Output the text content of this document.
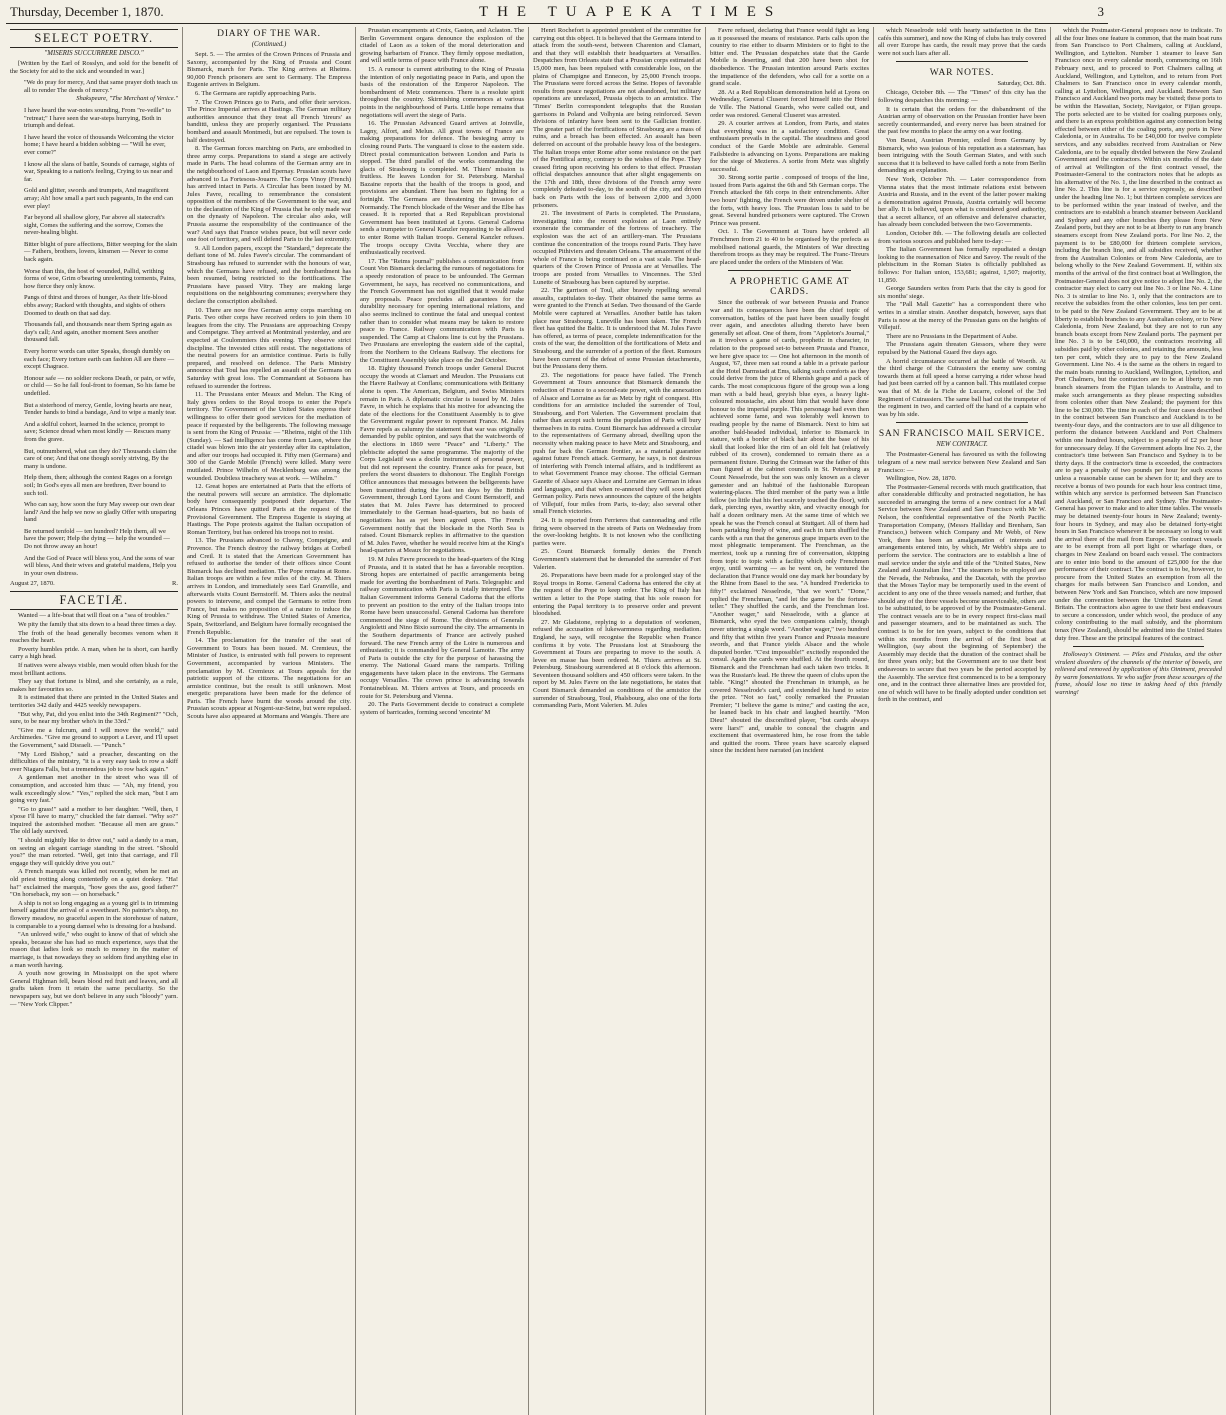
Thursday, December 1, 1870.	THE TUAPEKA TIMES	3
SELECT POETRY.
"MISERIS SUCCURRERE DISCO."

[Written by the Earl of Rosslyn, and sold for the benefit of the Society for aid to the sick and wounded in war.]

"We do pray for mercy, And that same prayer doth teach us all to render The deeds of mercy."

Shakspeare, "The Merchant of Venice."

I have heard the war-notes sounding, From "re-veille" to "retreat;" I have seen the war-steps hurrying, Both in triumph and defeat.

I have heard the voice of thousands Welcoming the victor home; I have heard a bidden sobbing — "Will he ever, ever come?"

I know all the slans of battle, Sounds of carnage, sights of war, Speaking to a nation's feeling, Crying to us near and far.

Gold and glitter, swords and trumpets, And magnificent array; Ah! how small a part such pageants, In the end can ever play!

Far beyond all shallow glory, Far above all statecraft's sight, Comes the suffering and the sorrow, Comes the never-healing blight.

Bitter blight of pure affections, Bitter weeping for the slain — Fathers, brothers, lovers, kinsmen — Never to come back again.

Worse than this, the host of wounded, Pallid, writhing forms of woe, Grim o'bearing unrelenting torments, Pains, how fierce they only know.

Pangs of thirst and throes of hunger, As their life-blood ebbs away; Racked with thoughts, and sights of others Doomed to death on that sad day.

Thousands fall, and thousands near them Spring again as day's call; And again, another moment Sees another thousand fall.

Every horror words can utter Speaks, though dumbly on each face; Every torture earth can fashion All are there — except Chagrace.

Honour safe — no soldier reckons Death, or pain, or wife, or child — So he fall foul-front to foeman, So his fame be undefiled.

But a sisterhood of mercy, Gentle, loving hearts are near, Tender hands to bind a bandage, And to wipe a manly tear.

And a skilful cohort, learned In the science, prompt to save; Science dread when most kindly — Rescues many from the grave.

But, outnumbered, what can they do? Thousands claim the care of one; And that one though sorely striving, By the many is undone.

Help them, then; although the contest Rages on a foreign soil; In God's eyes all men are brethren, Ever bound to such toil.

Who can say, how soon the fury May sweep our own dear land? And the help we now so gladly Offer with unsparing hand

Be returned tenfold — ten hundred? Help them, all we have the power; Help the dying — help the wounded — Do not throw away an hour!

And the God of Peace will bless you, And the sons of war will bless, And their wives and grateful maidens, Help you in your own distress.

August 27, 1870.	R.
FACETIÆ.

Wanted — a life-boat that will float on a "sea of troubles."

We pity the family that sits down to a head three times a day.

The froth of the head generally becomes venom when it reaches the heart.

Poverty humbles pride. A man, when he is short, can hardly carry a high head.

If natives were always visible, men would often blush for the most brilliant actions.

They say that fortune is blind, and she certainly, as a rule, makes her favourites so.

It is estimated that there are printed in the United States and territories 342 daily and 4425 weekly newspapers.

"But why, Pat, did you enlist into the 34th Regiment?" "Och, sure, to be near my brother who's in the 33rd."

"Give me a fulcrum, and I will move the world," said Archimedes. "Give me ground to support a Lever, and I'll upset the Government," said Disraeli. — "Punch."

"My Lord Bishop," said a preacher, descanting on the difficulties of the ministry, "it is a very easy task to row a skiff over Niagara Falls, but a tremendous job to row back again."

A gentleman met another in the street who was ill of consumption, and accosted him thus: — "Ah, my friend, you walk exceedingly slow." "Yes," replied the sick man, "but I am going very fast."

"Go to grass!" said a mother to her daughter. "Well, then, I s'pose I'll have to marry," chuckled the fair damsel. "Why so?" inquired the astonished mother. "Because all men are grass." The old lady survived.

"I should mightily like to drive out," said a dandy to a man, on seeing an elegant carriage standing in the street. "Should you?" the man retorted. "Well, get into that carriage, and I'll engage they will quickly drive you out."

A French marquis was killed not recently, when he met an old priest trotting along contentedly on a quiet donkey. "Ha! ha!" exclaimed the marquis, "how goes the ass, good father?" "On horseback, my son — on horseback."

A ship is not so long engaging as a young girl is in trimming herself against the arrival of a sweetheart. No painter's shop, no flowery meadow, no graceful aspen in the storehouse of nature, is comparable to a young damsel who is dressing for a husband.

"An unloved wife," who ought to know of that of which she speaks, because she has had so much experience, says that the reason that ladies look so much to money in the matter of marriage, is that nowadays they so seldom find anything else in a man worth having.

A youth now growing in Mississippi on the spot where General Highman fell, bears blood red fruit and leaves, and all grafts taken from it retain the same peculiarity. So the newspapers say, but we don't believe in any such "bloody" yarn. — "New York Clipper."

DIARY OF THE WAR.
(Continued.)

Sept. 5. — The armies of the Crown Princes of Prussia and Saxony, accompanied by the King of Prussia and Count Bismarck, march for Paris. The King arrives at Rheims. 90,000 French prisoners are sent to Germany. The Empress Eugenie arrives in Belgium.

6. The Germans are rapidly approaching Paris.

7. The Crown Princes go to Paris, and offer their services. The Prince Imperial arrives at Hastings. The German military authorities announce that they treat all French 'tireurs' as banditti, unless they are properly organised. The Prussians bombard and assault Montmedi, but are repulsed. The town is half destroyed.

8. The German forces marching on Paris, are embodied in three army corps. Preparations to stand a siege are actively made in Paris. The head columns of the German army are in the neighbourhood of Laon and Epernay. Prussian scouts have advanced to La Fortesous-Jouarre. The Corps Vinoy (French) has arrived intact in Paris. A Circular has been issued by M. Jules Favre, recalling to remembrance the consistent opposition of the members of the Government to the war, and to the declaration of the King of Prussia that he only made war on the dynasty of Napoleon. The circular also asks, will Prussia assume the responsibility of the continuance of the war? And says that France wishes peace, but will never cede one foot of territory, and will defend Paris to the last extremity.

9. All London papers, except the "Standard," deprecate the defiant tone of M. Jules Favre's circular. The commandant of Strasbourg has refused to surrender with the honours of war, which the Germans have refused, and the bombardment has been resumed, being restricted to the fortifications. The Prussians have passed Vitry. They are making large requisitions on the neighbouring communes; everywhere they declare the conscription abolished.

10. There are now five German army corps marching on Paris. Two other corps have received orders to join them 10 leagues from the city. The Prussians are approaching Crespy and Compeigne. They arrived at Montmirail yesterday, and are expected at Coulommiers this evening. They observe strict discipline. The invested cities still resist. The negotiations of the neutral powers for an armistice continue. Paris is fully prepared, and resolved on defence. The Paris Ministry announce that Toul has repelled an assault of the Germans on Saturday with great loss. The Commandant at Soissons has refused to surrender the fortress.

11. The Prussians enter Meaux and Melun. The King of Italy gives orders to the Royal troops to enter the Pope's territory. The Government of the United States express their willingness to offer their good services for the mediation of peace if requested by the belligerents. The following message is sent from the King of Prussia: — "Rheims, night of the 11th (Sunday). — Sad intelligence has come from Laon, where the citadel was blown into the air yesterday after its capitulation, and after our troops had occupied it. Fifty men (Germans) and 300 of the Garde Mobile (French) were killed. Many were mutilated. Prince Wilhelm of Mecklenburg was among the wounded. Doubtless treachery was at work. — Wilhelm."

12. Great hopes are entertained at Paris that the efforts of the neutral powers will secure an armistice. The diplomatic body have consequently postponed their departure. The Orleans Princes have quitted Paris at the request of the Provisional Government. The Empress Eugenie is staying at Hastings. The Pope protests against the Italian occupation of Roman Territory, but has ordered his troops not to resist.

13. The Prussians advanced to Chavny, Compeigne, and Provence. The French destroy the railway bridges at Corbeil and Creil. It is stated that the American Government has refused to authorise the tender of their offices since Count Bismarck has declined mediation. The Pope remains at Rome. Italian troops are within a few miles of the city. M. Thiers arrives in London, and immediately sees Earl Granville, and afterwards visits Count Bernstorff. M. Thiers asks the neutral powers to intervene, and compel the Germans to retire from France, but makes no proposition of a nature to induce the King of Prussia to withdraw. The United States of America, Spain, Switzerland, and Belgium have formally recognised the French Republic.

14. The proclamation for the transfer of the seat of Government to Tours has been issued. M. Cremieux, the Minister of Justice, is entrusted with full powers to represent Government, accompanied by various Ministers. The proclamation by M. Cremieux at Tours appeals for the patriotic support of the citizens. The negotiations for an armistice continue, but the result is still unknown. Most energetic preparations have been made for the defence of Paris. The French have burnt the woods around the city. Prussian scouts appear at Nogent-sur-Seine, but were repulsed. Scouts have also appeared at Mormans and Wangés. There are

Prussian encampments at Croix, Gaston, and Aclaston. The Berlin Government organs denounce the explosion of the citadel of Laon as a token of the moral deterioration and growing barbarism of France. They firmly oppose mediation, and will settle terms of peace with France alone.

15. A rumour is current attributing to the King of Prussia the intention of only negotiating peace in Paris, and upon the basis of the restoration of the Emperor Napoleon. The bombardment of Metz commences. There is a resolute spirit throughout the country. Skirmishing commences at various points in the neighbourhood of Paris. Little hope remains that negotiations will avert the siege of Paris.

16. The Prussian Advanced Guard arrives at Joinville, Lagny, Alfort, and Melun. All great towns of France are making preparations for defence. The besieging army is closing round Paris. The vanguard is close to the eastern side. Direct postal communication between London and Paris is stopped. The third parallel of the works commanding the glacis of Strasbourg is completed. M. Thiers' mission is fruitless. He leaves London for St. Petersburg. Marshal Bazaine reports that the health of the troops is good, and provisions are abundant. There has been no fighting for a fortnight. The Germans are threatening the invasion of Normandy. The French blockade of the Weser and the Elbe has ceased. It is reported that a Red Republican provisional Government has been instituted at Lyons. General Cadorna sends a trumpeter to General Kanzler requesting to be allowed to enter Rome with Italian troops. General Kanzler refuses. The troops occupy Civita Vecchia, where they are enthusiastically received.

17. The "Reims journal" publishes a communication from Count Von Bismarck declaring the rumours of negotiations for a speedy restoration of peace to be unfounded. The German Government, he says, has received no communications, and the French Government has not signified that it would make any proposals. Peace precludes all guarantees for the durability necessary for opening international relations, and also seems inclined to continue the fatal and unequal contest rather than to consider what means may be taken to restore peace to France. Railway communication with Paris is suspended. The Camp at Chalons line is cut by the Prussians. Two Prussians are enveloping the eastern side of the capital, from the Northern to the Orleans Railway. The elections for the Constituent Assembly take place on the 2nd October.

18. Eighty thousand French troops under General Ducrot occupy the woods at Clamart and Meudon. The Prussians cut the Havre Railway at Conflans; communications with Brittany alone is open. The American, Belgium, and Swiss Ministers remain in Paris. A diplomatic circular is issued by M. Jules Favre, in which he explains that his motive for advancing the date of the elections for the Constituent Assembly is to give the Government regular power to represent France. M. Jules Favre repels as calumny the statement that war was originally demanded by public opinion, and says that the watchwords of the elections in 1869 were "Peace" and "Liberty." The plebiscite adopted the same programme. The majority of the Corps Legislatif was a docile instrument of personal power, but did not represent the country. France asks for peace, but prefers the worst disasters to dishonour. The English Foreign Office announces that messages between the belligerents have been transmitted during the last ten days by the British Government, through Lord Lyons and Count Bernstorff, and states that M. Jules Favre has determined to proceed immediately to the German head-quarters, but no basis of negotiations has as yet been agreed upon. The French Government notify that the blockade in the North Sea is raised. Count Bismarck replies in affirmative to the question of M. Jules Favre, whether he would receive him at the King's head-quarters at Meaux for negotiations.

19. M Jules Favre proceeds to the head-quarters of the King of Prussia, and it is stated that he has a favorable reception. Strong hopes are entertained of pacific arrangements being made for averting the bombardment of Paris. Telegraphic and railway communication with Paris is totally interrupted. The Italian Government informs General Cadorna that the efforts to prevent an position to the entry of the Italian troops into Rome have been unsuccessful. General Cadorna has therefore commenced the siege of Rome. The divisions of Generals Angioletti and Nino Bixio surround the city. The armaments in the Southern departments of France are actively pushed forward. The new French army of the Loire is numerous and enthusiastic; it is commanded by General Lamotte. The army of Paris is outside the city for the purpose of harassing the enemy. The National Guard mans the ramparts. Trifling engagements have taken place in the environs. The Germans occupy Versailles. The crown prince is advancing towards Fontainebleau. M. Thiers arrives at Tours, and proceeds en route for St. Petersburg and Vienna.

20. The Paris Government decide to construct a complete system of barricades, forming second 'enceinte' M

Henri Rochefort is appointed president of the committee for carrying out this object. It is believed that the Germans intend to attack from the south-west, between Charenton and Clamart, and that they will establish their headquarters at Versailles. Despatches from Orleans state that a Prussian corps estimated at 15,000 men, has been repulsed with considerable loss, on the plains of Champigne and Ennecon, by 25,000 French troops. The Prussians were forced across the Seine. Hopes of favorable results from peace negotiations are not abandoned, but military operations are unrelaxed, Prussia objects to an armistice. The 'Times' Berlin correspondent telegraphs that the Russian garrisons in Poland and Volhynia are being reinforced. Seven divisions of infantry have been sent to the Gallician frontier. The greater part of the fortifications of Strasbourg are a mass of ruins, and a breach has been effected. An assault has been deferred on account of the probable heavy loss of the besiegers. The Italian troops enter Rome after some resistance on the part of the Pontifical army, contrary to the wishes of the Pope. They ceased firing upon receiving his orders to that effect. Prussian official despatches announce that after slight engagements on the 17th and 18th, three divisions of the French army were completely defeated to-day, to the south of the city, and driven back on Paris with the loss of between 2,000 and 3,000 prisoners.

21. The investment of Paris is completed. The Prussians, investigating into the recent explosion at Laon entirely exonerate the commander of the fortress of treachery. The explosion was the act of an artillery-man. The Prussians continue the concentration of the troops round Paris. They have occupied Pithiviers and threaten Orleans. The amazement of the whole of France is being continued on a vast scale. The head-quarters of the Crown Prince of Prussia are at Versailles. The troops are posted from Versailles to Vincennes. The 53rd Lunette of Strasbourg has been captured by surprise.

22. The garrison of Toul, after bravely repelling several assaults, capitulates to-day. Their obtained the same terms as were granted to the French at Sedan. Two thousand of the Garde Mobile were captured at Versailles. Another battle has taken place near Strasbourg. Luneville has been taken. The French fleet has quitted the Baltic. It is understood that M. Jules Favre has offered, as terms of peace, complete indemnification for the costs of the war, the demolition of the fortifications of Metz and Strasbourg, and the surrender of a portion of the fleet. Rumours have been current of the defeat of some Prussian detachments, but the Prussians deny them.

23. The negotiations for peace have failed. The French Government at Tours announce that Bismarck demands the reduction of France to a second-rate power, with the annexation of Alsace and Lorraine as far as Metz by right of conquest. His conditions for an armistice included the surrender of Toul, Strasbourg, and Fort Valerien. The Government proclaim that rather than accept such terms the population of Paris will bury themselves in its ruins. Count Bismarck has addressed a circular to the representatives of Germany abroad, dwelling upon the necessity when making peace to have Metz and Strasbourg, and push far back the German frontier, as a material guarantee against future French attack. Germany, he says, is not desirous of interfering with French internal affairs, and is indifferent as to what Government France may choose. The official German Gazette of Alsace says Alsace and Lorraine are German in ideas and languages, and that when re-annexed they will soon adopt German policy. Paris news announces the capture of the heights of Villejuif, four miles from Paris, to-day; also several other small French victories.

24. It is reported from Ferrieres that cannonading and rifle firing were observed in the streets of Paris on Wednesday from the over-looking heights. It is not known who the conflicting parties were.

25. Count Bismarck formally denies the French Government's statement that he demanded the surrender of Fort Valerien.

26. Preparations have been made for a prolonged stay of the Royal troops in Rome. General Cadorna has entered the city at the request of the Pope to keep order. The King of Italy has written a letter to the Pope stating that his sole reason for entering the Papal territory is to preserve order and prevent bloodshed.

27. Mr Gladstone, replying to a deputation of workmen, refused the accusation of lukewarmness regarding mediation. England, he says, will recognise the Republic when France confirms it by vote. The Prussians lost at Strasbourg the Government at Tours are preparing to move to the south. A levee en masse has been ordered. M. Thiers arrives at St. Petersburg. Strasbourg surrendered at 8 o'clock this afternoon. Seventeen thousand soldiers and 450 officers were taken. In the report by M. Jules Favre on the late negotiations, he states that Count Bismarck demanded as conditions of the armistice the surrender of Strasbourg, Toul, Phalsbourg, also one of the forts commanding Paris, Mont Valerien. M. Jules

Favre refused, declaring that France would fight as long as it possessed the means of resistance. Paris calls upon the country to rise either to disarm Ministers or to fight to the bitter end. The Prussian despatches state that the Garde Mobile is deserting, and that 200 have been shot for disobedience. The Prussian intention around Paris excites the impatience of the defenders, who call for a sortie on a grand scale.

28. At a Red Republican demonstration held at Lyons on Wednesday, General Cluseret forced himself into the Hotel de Ville. The National Guards, who were called out, and order was restored. General Cluseret was arrested.

29. A courier arrives at London, from Paris, and states that everything was in a satisfactory condition. Great enthusiasm prevails in the capital. The steadiness and good conduct of the Garde Mobile are admirable. General Failsbiedre is advancing on Lyons. Preparations are making for the siege of Mezieres. A sortie from Metz was slightly successful.

30. Strong sortie partie . composed of troops of the line, issued from Paris against the 6th and 5th German corps. The French attacked the 6th corps in their entrenchments. After two hours' fighting, the French were driven under shelter of the forts, with heavy loss. The Prussian loss is said to be great. Several hundred prisoners were captured. The Crown Prince was present.

Oct. 1. The Government at Tours have ordered all Frenchmen from 21 to 40 to be organised by the prefects as mobilised national guards, the Ministers of War directing therefrom troops as they may be required. The Franc-Tireurs are placed under the orders of the Ministers of War.

A PROPHETIC GAME AT CARDS.

Since the outbreak of war between Prussia and France war and its consequences have been the chief topic of conversation, battles of the past have been usually fought over again, and anecdotes alluding thereto have been generally set afloat. One of them, from "Appleton's Journal," as it involves a game of cards, prophetic in character, in relation to the proposed set-to between Prussia and France, we here give space to: — One hot afternoon in the month of August, '67, three men sat round a table in a private parlour at the Hotel Darmstadt at Ems, talking such comforts as they could derive from the juice of Rhenish grape and a pack of cards. The most conspicuous figure of the group was a long man with a bald head, greyish blue eyes, a heavy light-coloured moustache, airs about him that would have done honour to the imperial purple. This personage had even then achieved some fame, and was tolerably well known to reading people by the name of Bismarck. Next to him sat another bald-headed individual, inferior to Bismarck in stature, with a border of black hair about the base of his skull that looked like the rim of an old felt hat (relatively rubbed of its crown), condemned to remain there as a permanent fixture. During the Crimean war the father of this man figured at the cabinet councils in St. Petersburg as Count Nesselrode, but the son was only known as a clever gamester and an habitué of the fashionable European watering-places. The third member of the party was a little fellow (so little that his feet scarcely touched the floor), with dark, piercing eyes, swarthy skin, and vivacity enough for half a dozen ordinary men. At the same time of which we speak he was the French consul at Stuttgart. All of them had been partaking freely of wine, and each in turn shuffled the cards with a run that the generous grape imparts even to the most phlegmatic temperament. The Frenchman, as the merriest, took up a running fire of conversation, skipping from topic to topic with a facility which only Frenchmen enjoy, until warming — as he went on, he ventured the declaration that France would one day mark her boundary by the Rhine from Basel to the sea. "A hundred Fredericks to fifty!" exclaimed Nesselrode, "that we won't." "Done," replied the Frenchman, "and let the game be the fortune-teller." They shuffled the cards, and the Frenchman lost. "Another wager," said Nesselrode, with a glance at Bismarck, who eyed the two companions calmly, though never uttering a single word. "Another wager," two hundred and fifty that within five years France and Prussia measure swords, and that France yields Alsace and the whole disputed border. "C'est impossible!" excitedly responded the consul. Again the cards were shuffled. At the fourth round, Bismarck and the Frenchman had each taken two tricks. It was the Russian's lead. He threw the queen of clubs upon the table. "King!" shouted the Frenchman in triumph, as he covered Nesselrode's card, and extended his hand to seize the prize. "Not so fast," coolly remarked the Prussian Premier; "I believe the game is mine;" and casting the ace, he leaned back in his chair and laughed heartily. "Mon Dieu!" shouted the discomfited player, "but cards always were liars!" and, unable to conceal the chagrin and excitement that overmastered him, he rose from the table and quitted the room. Three years have scarcely elapsed since the incident here narrated (an incident

which Nesselrode told with hearty satisfaction in the Ems cafés this summer), and now the King of clubs has truly covered all over Europe has cards, the result may prove that the cards were not such liars after all.

WAR NOTES.
Saturday, Oct. 8th.

Chicago, October 8th. — The "Times" of this city has the following despatches this morning: —

It is certain that the orders for the disbandment of the Austrian army of observation on the Prussian frontier have been secretly countermanded, and every nerve has been strained for the past few months to place the army on a war footing.

Von Beust, Austrian Premier, exiled from Germany by Bismarck, who was jealous of his reputation as a statesman, has been intriguing with the South German States, and with such success that it is believed to have called forth a note from Berlin demanding an explanation.

New York, October 7th. — Later correspondence from Vienna states that the most intimate relations exist between Austria and Russia, and in the event of the latter power making a demonstration against Prussia, Austria certainly will become her ally. It is believed, upon what is considered good authority, that a secret alliance, of an offensive and defensive character, has already been concluded between the two Governments.

London, October 8th. — The following details are collected from various sources and published here to-day: —

The Italian Government has formally repudiated a design looking to the reannexation of Nice and Savoy. The result of the plebiscitum in the Roman States is officially published as follows: For Italian union, 153,681; against, 1,507; majority, 11,850.

George Saunders writes from Paris that the city is good for six months' siege.

The "Pall Mall Gazette" has a correspondent there who writes in a similar strain. Another despatch, however, says that Paris is now at the mercy of the Prussian guns on the heights of Villejuif.

There are no Prussians in the Department of Aube.

The Prussians again threaten Giessors, where they were repulsed by the National Guard five days ago.

A horrid circumstance occurred at the battle of Woerth. At the third charge of the Cuirassiers the enemy saw coming towards them at full speed a horse carrying a rider whose head had just been carried off by a cannon ball. This mutilated corpse was that of M. de la Fiche de Lucarre, colonel of the 3rd Regiment of Cuirassiers. The same ball had cut the trumpeter of the regiment in two, and carried off the hand of a captain who was by his side.

SAN FRANCISCO MAIL SERVICE.
NEW CONTRACT.

The Postmaster-General has favoured us with the following telegram of a new mail service between New Zealand and San Francisco: —

Wellington, Nov. 28, 1870.

The Postmaster-General records with much gratification, that after considerable difficulty and protracted negotiation, he has succeeded in arranging the terms of a new contract for a Mail Service between New Zealand and San Francisco with Mr W. Nelson, the confidential representative of the North Pacific Transportation Company, (Messrs Halliday and Brenham, San Francisco,) between which Company and Mr Webb, of New York, there has been an amalgamation of interests and arrangements entered into, by which, Mr Webb's ships are to perform the service. The contractors are to establish a line of mail service under the style and title of the "United States, New Zealand and Australian line." The steamers to be employed are the Nevada, the Nebraska, and the Dacotah, with the proviso that the Moses Taylor may be temporarily used in the event of accident to any one of the three vessels named; and further, that should any of the three vessels become unserviceable, others are to be substituted, to be approved of by the Postmaster-General. The contract vessels are to be in every respect first-class mail and passenger steamers, and to be maintained as such. The contract is to be for ten years, subject to the conditions that within six months from the arrival of the first boat at Wellington, (say about the beginning of September) the Assembly may decide that the duration of the contract shall be for three years only; but the Government are to use their best endeavours to secure that two years be the period accepted by the Assembly. The service first commenced is to be a temporary one, and in the contract three alternative lines are provided for, one of which will have to be finally adopted under condition set forth in the contract, and

which the Postmaster-General proposes now to indicate. To all the four lines one feature is common, that the main boat runs from San Francisco to Port Chalmers, calling at Auckland, Wellington, and Lyttelton. Number 1 steamer to leave San Francisco once in every calendar month, commencing on 16th February next, and to proceed to Port Chalmers calling at Auckland, Wellington, and Lyttelton, and to return from Port Chalmers to San Francisco once in every calendar month, calling at Lyttelton, Wellington, and Auckland. Between San Francisco and Auckland two ports may be visited; these ports to be within the Hawaiian, Society, Navigator, or Fijian groups. The ports selected are to be visited for coaling purposes only, and there is an express prohibition against any connection being effected between either of the coaling ports, any ports in New Caledonia, or in Australia. To be £40,000 for twelve complete services, and any subsidies received from Australian or New Caledonia, are to be equally divided between the New Zealand Government and the contractors. Within six months of the date of arrival at Wellington of the first contract vessel, the Postmaster-General to the contractors notes that he adopts as his alternative of the No. 1, the line described in the contract as line No. 2. This line is for a service expressly, as described under the heading line No. 1; but thirteen complete services are to be performed within the year instead of twelve, and the contractors are to establish a branch steamer between Auckland and Sydney and any other branches they please from New Zealand ports, but they are not to be at liberty to run any branch steamers except from New Zealand ports. For line No. 2, the payment is to be £80,000 for thirteen complete services, including the branch line, and all subsidies received, whether from the Australian Colonies or from New Caledonia, are to belong wholly to the New Zealand Government. If, within six months of the arrival of the first contract boat at Wellington, the Postmaster-General does not give notice to adopt line No. 2, the contractor may elect to carry out line No. 3 or line No. 4. Line No. 3 is similar to line No. 1, only that the contractors are to receive the subsidies from the other colonies, less ten per cent. to be paid to the New Zealand Government. They are to be at liberty to establish branches to any Australian colony, or to New Caledonia, from New Zealand, but they are not to run any branch boats except from New Zealand ports. The payment per line No. 3 is to be £40,000, the contractors receiving all subsidies paid by other colonies, and retaining the amounts, less ten per cent, which they are to pay to the New Zealand Government. Line No. 4 is the same as the others in regard to the main boats running to Auckland, Wellington, Lyttelton, and Port Chalmers, but the contractors are to be at liberty to run branch steamers from the Fijian islands to Australia, and to make such arrangements as they please respecting subsidies from colonies other than New Zealand; the payment for this line to be £30,000. The time in each of the four cases described in the contract between San Francisco and Auckland is to be twenty-four days, and the contractors are to use all diligence to perform the distance between Auckland and Port Chalmers within one hundred hours, subject to a penalty of £2 per hour for unnecessary delay. If the Government adopts line No. 2, the contractor's time between San Francisco and Sydney is to be thirty days. If the contractor's time is exceeded, the contractors are to pay a penalty of two pounds per hour for such excess unless a reasonable cause can be shewn for it; and they are to receive a bonus of two pounds for each hour less contract time, within which any service is performed between San Francisco and Auckland, or San Francisco and Sydney. The Postmaster-General has power to make and to alter time tables. The vessels may be detained twenty-four hours in New Zealand; twenty-four hours in Sydney, and may also be detained forty-eight hours in San Francisco whenever it be necessary so long to wait the arrival there of the mail from Europe. The contract vessels are to be exempt from all port light or wharfage dues, or charges in New Zealand on board each vessel. The contractors are to enter into bond to the amount of £25,000 for the due performance of their contract. The contract is to be, however, to procure from the United States an exemption from all the charges for mails between San Francisco and London, and between New York and San Francisco, which are now imposed under the convention between the United States and Great Britain. The contractors also agree to use their best endeavours to secure a concession, under which wool, the produce of any colony contributing to the mail subsidy, and the phormium tenax (New Zealand), should be admitted into the United States duty free. These are the principal features of the contract.

Holloway's Ointment. — Piles and Fistulas, and the other virulent disorders of the channels of the interior of bowels, are relieved and removed by application of this Ointment, preceded by warm fomentations. Ye who suffer from these scourges of the frame, should lose no time in taking heed of this friendly warning!
